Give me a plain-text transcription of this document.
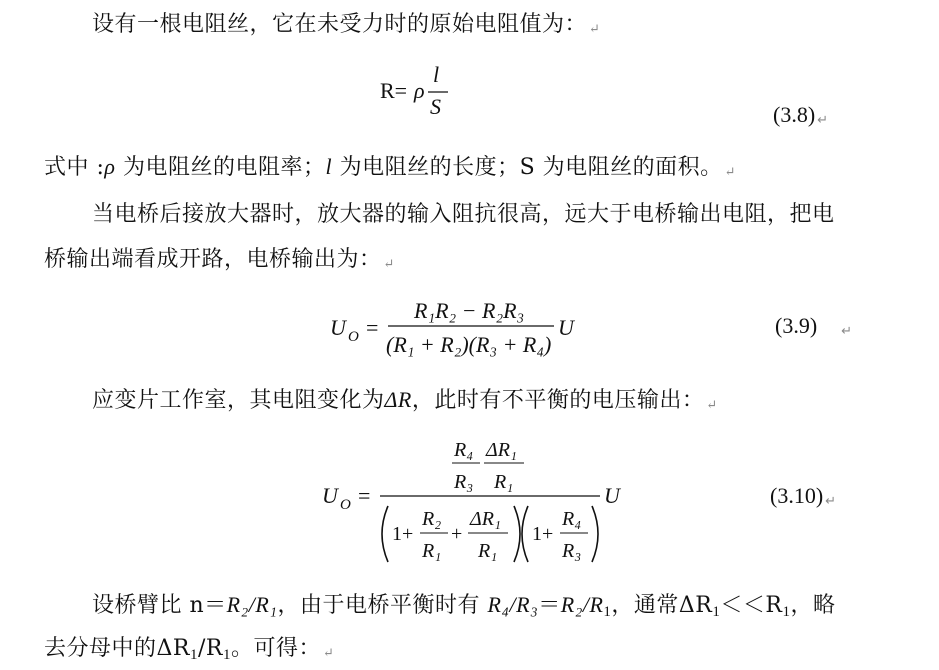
设有一根电阻丝，它在未受力时的原始电阻值为： ↵
R= ρ
l
S	(3.8) ↵
式中 :ρ 为电阻丝的电阻率；l 为电阻丝的长度；S 为电阻丝的面积。 ↵
当电桥后接放大器时，放大器的输入阻抗很高，远大于电桥输出电阻，把电
桥输出端看成开路，电桥输出为： ↵
U O =
R₁R₂ − R₂R₃
(R₁ + R₂)(R₃ + R₄)
U	(3.9) ↵
应变片工作室，其电阻变化为ΔR，此时有不平衡的电压输出： ↵
U O =
R₄
R₃
ΔR₁
R₁
1+
R₂
R₁
+
ΔR₁
R₁
1+
R₄
R₃
U	(3.10) ↵
设桥臂比 n＝R₂/R₁，由于电桥平衡时有 $R_4/R_3=R_2/R_1$，通常$\Delta R_1<<R_1$，略
去分母中的$\Delta R_1/R_1$。可得： ↵
